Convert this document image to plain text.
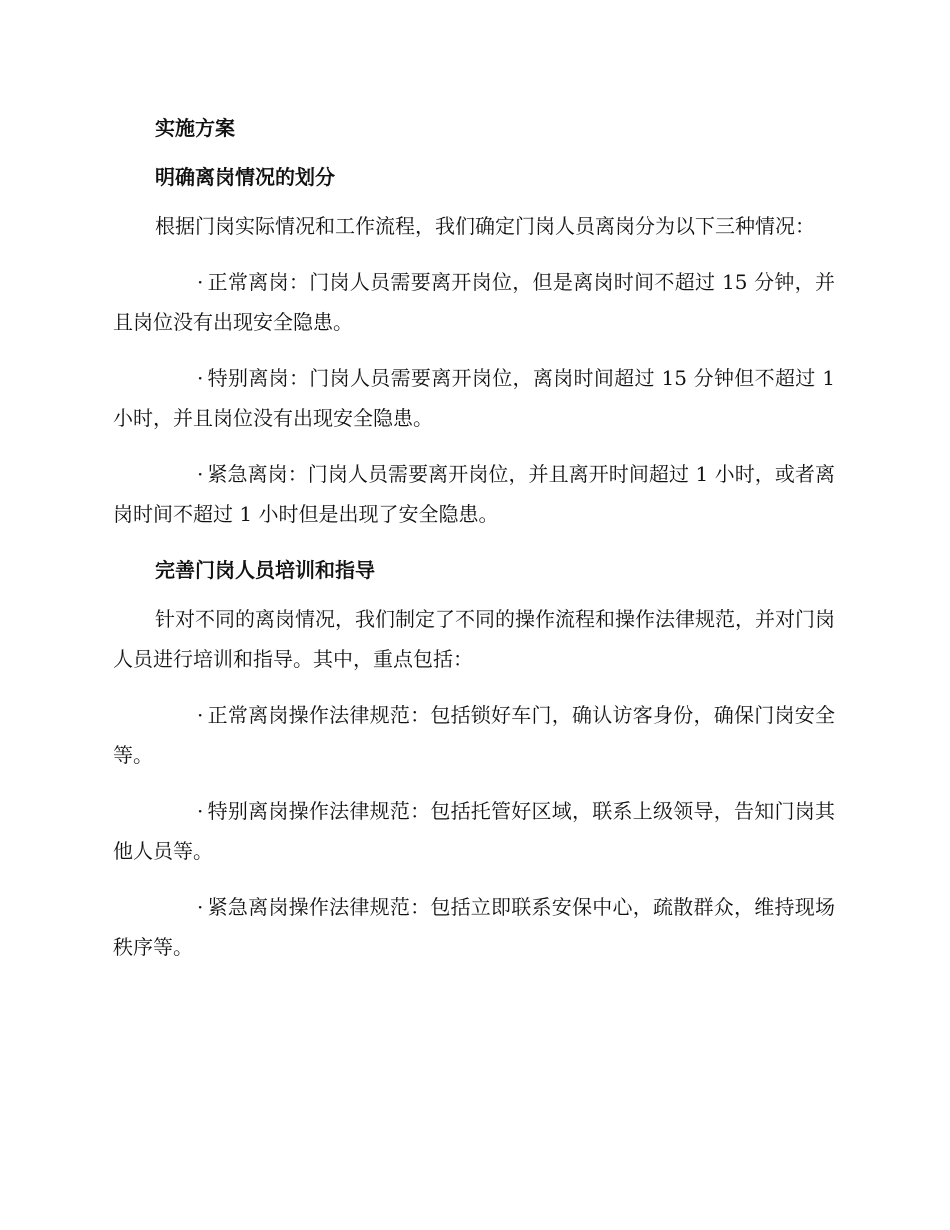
实施方案
明确离岗情况的划分

根据门岗实际情况和工作流程，我们确定门岗人员离岗分为以下三种情况：

· 正常离岗：门岗人员需要离开岗位，但是离岗时间不超过 15 分钟，并且岗位没有出现安全隐患。

· 特别离岗：门岗人员需要离开岗位，离岗时间超过 15 分钟但不超过 1 小时，并且岗位没有出现安全隐患。

· 紧急离岗：门岗人员需要离开岗位，并且离开时间超过 1 小时，或者离岗时间不超过 1 小时但是出现了安全隐患。

完善门岗人员培训和指导

针对不同的离岗情况，我们制定了不同的操作流程和操作法律规范，并对门岗人员进行培训和指导。其中，重点包括：

· 正常离岗操作法律规范：包括锁好车门，确认访客身份，确保门岗安全等。

· 特别离岗操作法律规范：包括托管好区域，联系上级领导，告知门岗其他人员等。

· 紧急离岗操作法律规范：包括立即联系安保中心，疏散群众，维持现场秩序等。
